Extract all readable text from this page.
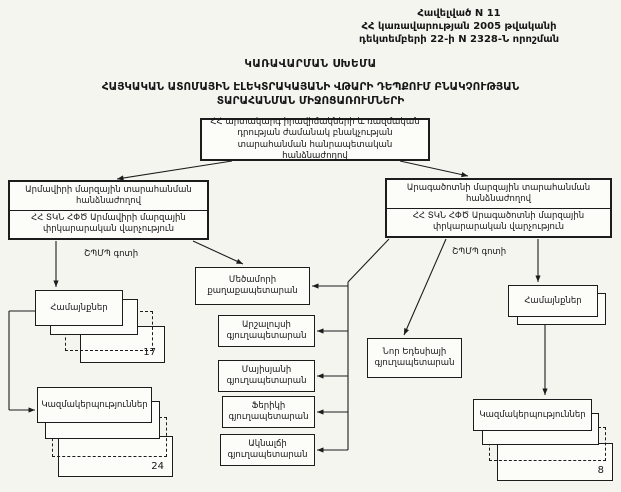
Հավելված N 11
ՀՀ կառավարության 2005 թվականի
դեկտեմբերի 22-ի N 2328-Ն որոշման
ԿԱՌԱՎԱՐՄԱՆ ՍԽԵՄԱ
ՀԱՅԿԱԿԱՆ ԱՏՈՄԱՅԻՆ ԷԼԵԿՏՐԱԿԱՅԱՆԻ ՎԹԱՐԻ ԴԵՊՔՈՒՄ ԲՆԱԿՉՈՒԹՅԱՆ
ՏԱՐԱՀԱՆՄԱՆ ՄԻՋՈՑԱՌՈՒՄՆԵՐԻ
ՀՀ արտակարգ իրավիճակների և ռազմական դրության ժամանակ բնակչության տարահանման հանրապետական հանձնաժողով
Արմավիրի մարզային տարահանման հանձնաժողով
ՀՀ ՏԿՆ ՀՓԾ Արմավիրի մարզային փրկարարական վարչություն
Արագածոտնի մարզային տարահանման հանձնաժողով
ՀՀ ՏԿՆ ՀՓԾ Արագածոտնի մարզային փրկարարական վարչություն
ՇՊՄՊ գոտի	ՇՊՄՊ գոտի
17
Համայնքներ
24
Կազմակերպություններ
Մեծամորի քաղաքապետարան
Արշալույսի գյուղապետարան
Մայիսյանի գյուղապետարան
Ֆերիկի գյուղապետարան
Ակնալճի գյուղապետարան
Նոր Եդեսիայի գյուղապետարան
Համայնքներ
8
Կազմակերպություններ
